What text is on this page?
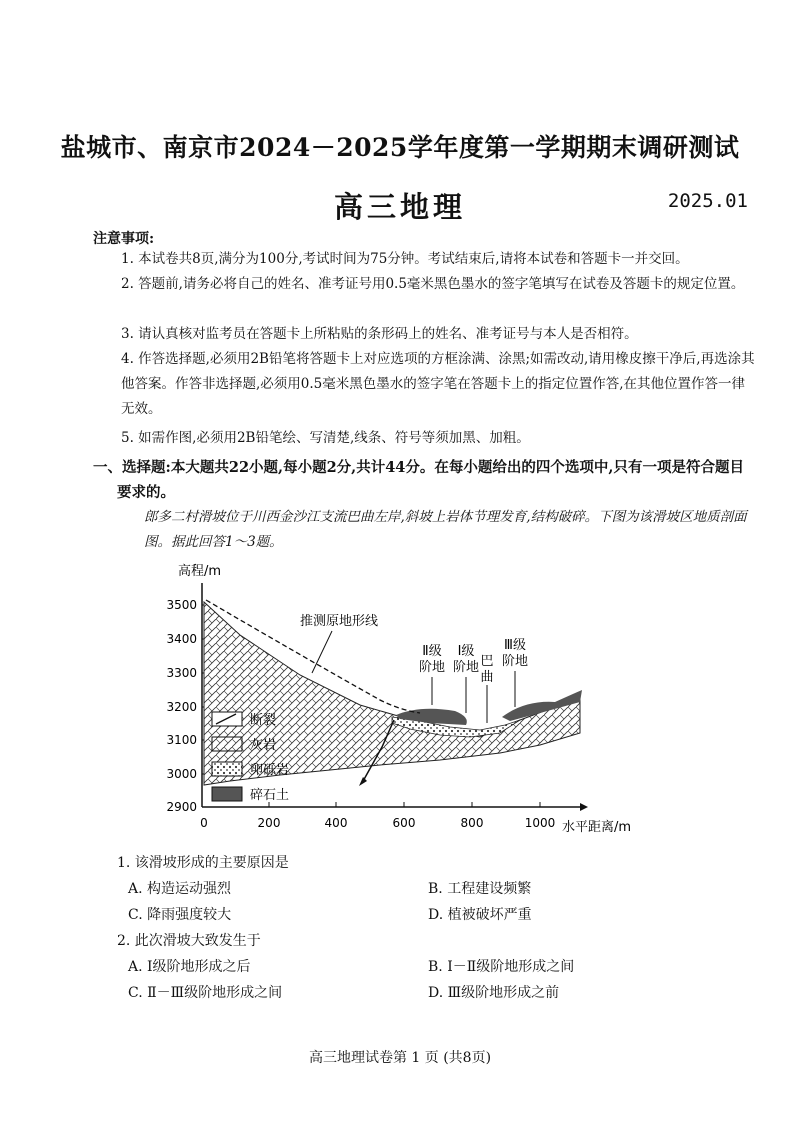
盐城市、南京市2024－2025学年度第一学期期末调研测试
高三地理	2025.01
注意事项:
1. 本试卷共8页,满分为100分,考试时间为75分钟。考试结束后,请将本试卷和答题卡一并交回。
2. 答题前,请务必将自己的姓名、准考证号用0.5毫米黑色墨水的签字笔填写在试卷及答题卡的规定位置。
3. 请认真核对监考员在答题卡上所粘贴的条形码上的姓名、准考证号与本人是否相符。
4. 作答选择题,必须用2B铅笔将答题卡上对应选项的方框涂满、涂黑;如需改动,请用橡皮擦干净后,再选涂其他答案。作答非选择题,必须用0.5毫米黑色墨水的签字笔在答题卡上的指定位置作答,在其他位置作答一律无效。
5. 如需作图,必须用2B铅笔绘、写清楚,线条、符号等须加黑、加粗。
一、选择题:本大题共22小题,每小题2分,共计44分。在每小题给出的四个选项中,只有一项是符合题目要求的。
郎多二村滑坡位于川西金沙江支流巴曲左岸,斜坡上岩体节理发育,结构破碎。下图为该滑坡区地质剖面图。据此回答1～3题。
高程/m
水平距离/m
3500
3400
3300
3200
3100
3000
2900
0	200	400	600	800	1000
推测原地形线
Ⅱ级
阶地
Ⅰ级
阶地 巴
曲
Ⅲ级
阶地
断裂
灰岩
卵砾岩
碎石土
1. 该滑坡形成的主要原因是
A. 构造运动强烈	B. 工程建设频繁
C. 降雨强度较大	D. 植被破坏严重
2. 此次滑坡大致发生于
A. Ⅰ级阶地形成之后	B. Ⅰ－Ⅱ级阶地形成之间
C. Ⅱ－Ⅲ级阶地形成之间	D. Ⅲ级阶地形成之前
高三地理试卷第 1 页 (共8页)
